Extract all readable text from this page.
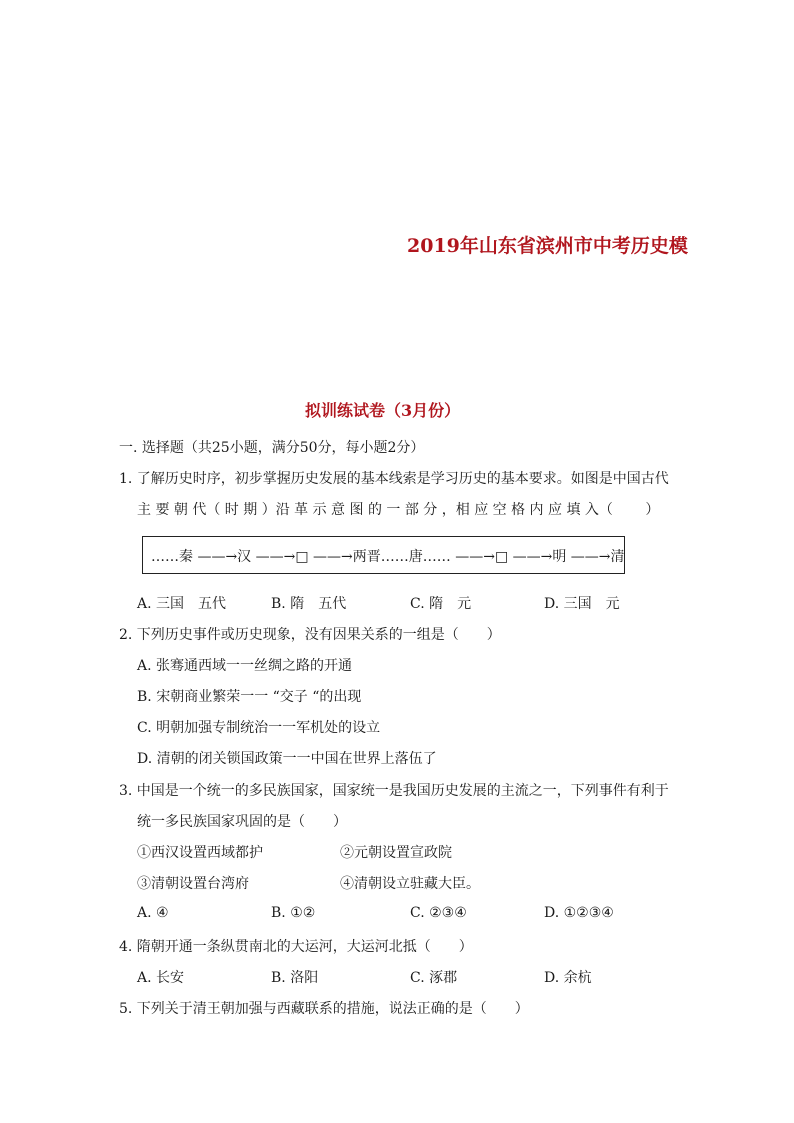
2019年山东省滨州市中考历史模
拟训练试卷（3月份）
一. 选择题（共25小题，满分50分，每小题2分）
1. 了解历史时序，初步掌握历史发展的基本线索是学习历史的基本要求。如图是中国古代
主 要 朝 代（ 时 期 ）沿 革 示 意 图 的 一 部 分 ，相 应 空 格 内 应 填 入（　　 ）
……秦 ——→汉 ——→□ ——→两晋……唐…… ——→□ ——→明 ——→清
A. 三国　五代	B. 隋　五代	C. 隋　元	D. 三国　元
2. 下列历史事件或历史现象，没有因果关系的一组是（　　）
A. 张骞通西域一一丝绸之路的开通
B. 宋朝商业繁荣一一 “交子 “的出现
C. 明朝加强专制统治一一军机处的设立
D. 清朝的闭关锁国政策一一中国在世界上落伍了
3. 中国是一个统一的多民族国家，国家统一是我国历史发展的主流之一，下列事件有利于
统一多民族国家巩固的是（　　）
①西汉设置西域都护	②元朝设置宣政院
③清朝设置台湾府	④清朝设立驻藏大臣。
A. ④	B. ①②	C. ②③④	D. ①②③④
4. 隋朝开通一条纵贯南北的大运河，大运河北抵（　　）
A. 长安	B. 洛阳	C. 涿郡	D. 余杭
5. 下列关于清王朝加强与西藏联系的措施，说法正确的是（　　）
